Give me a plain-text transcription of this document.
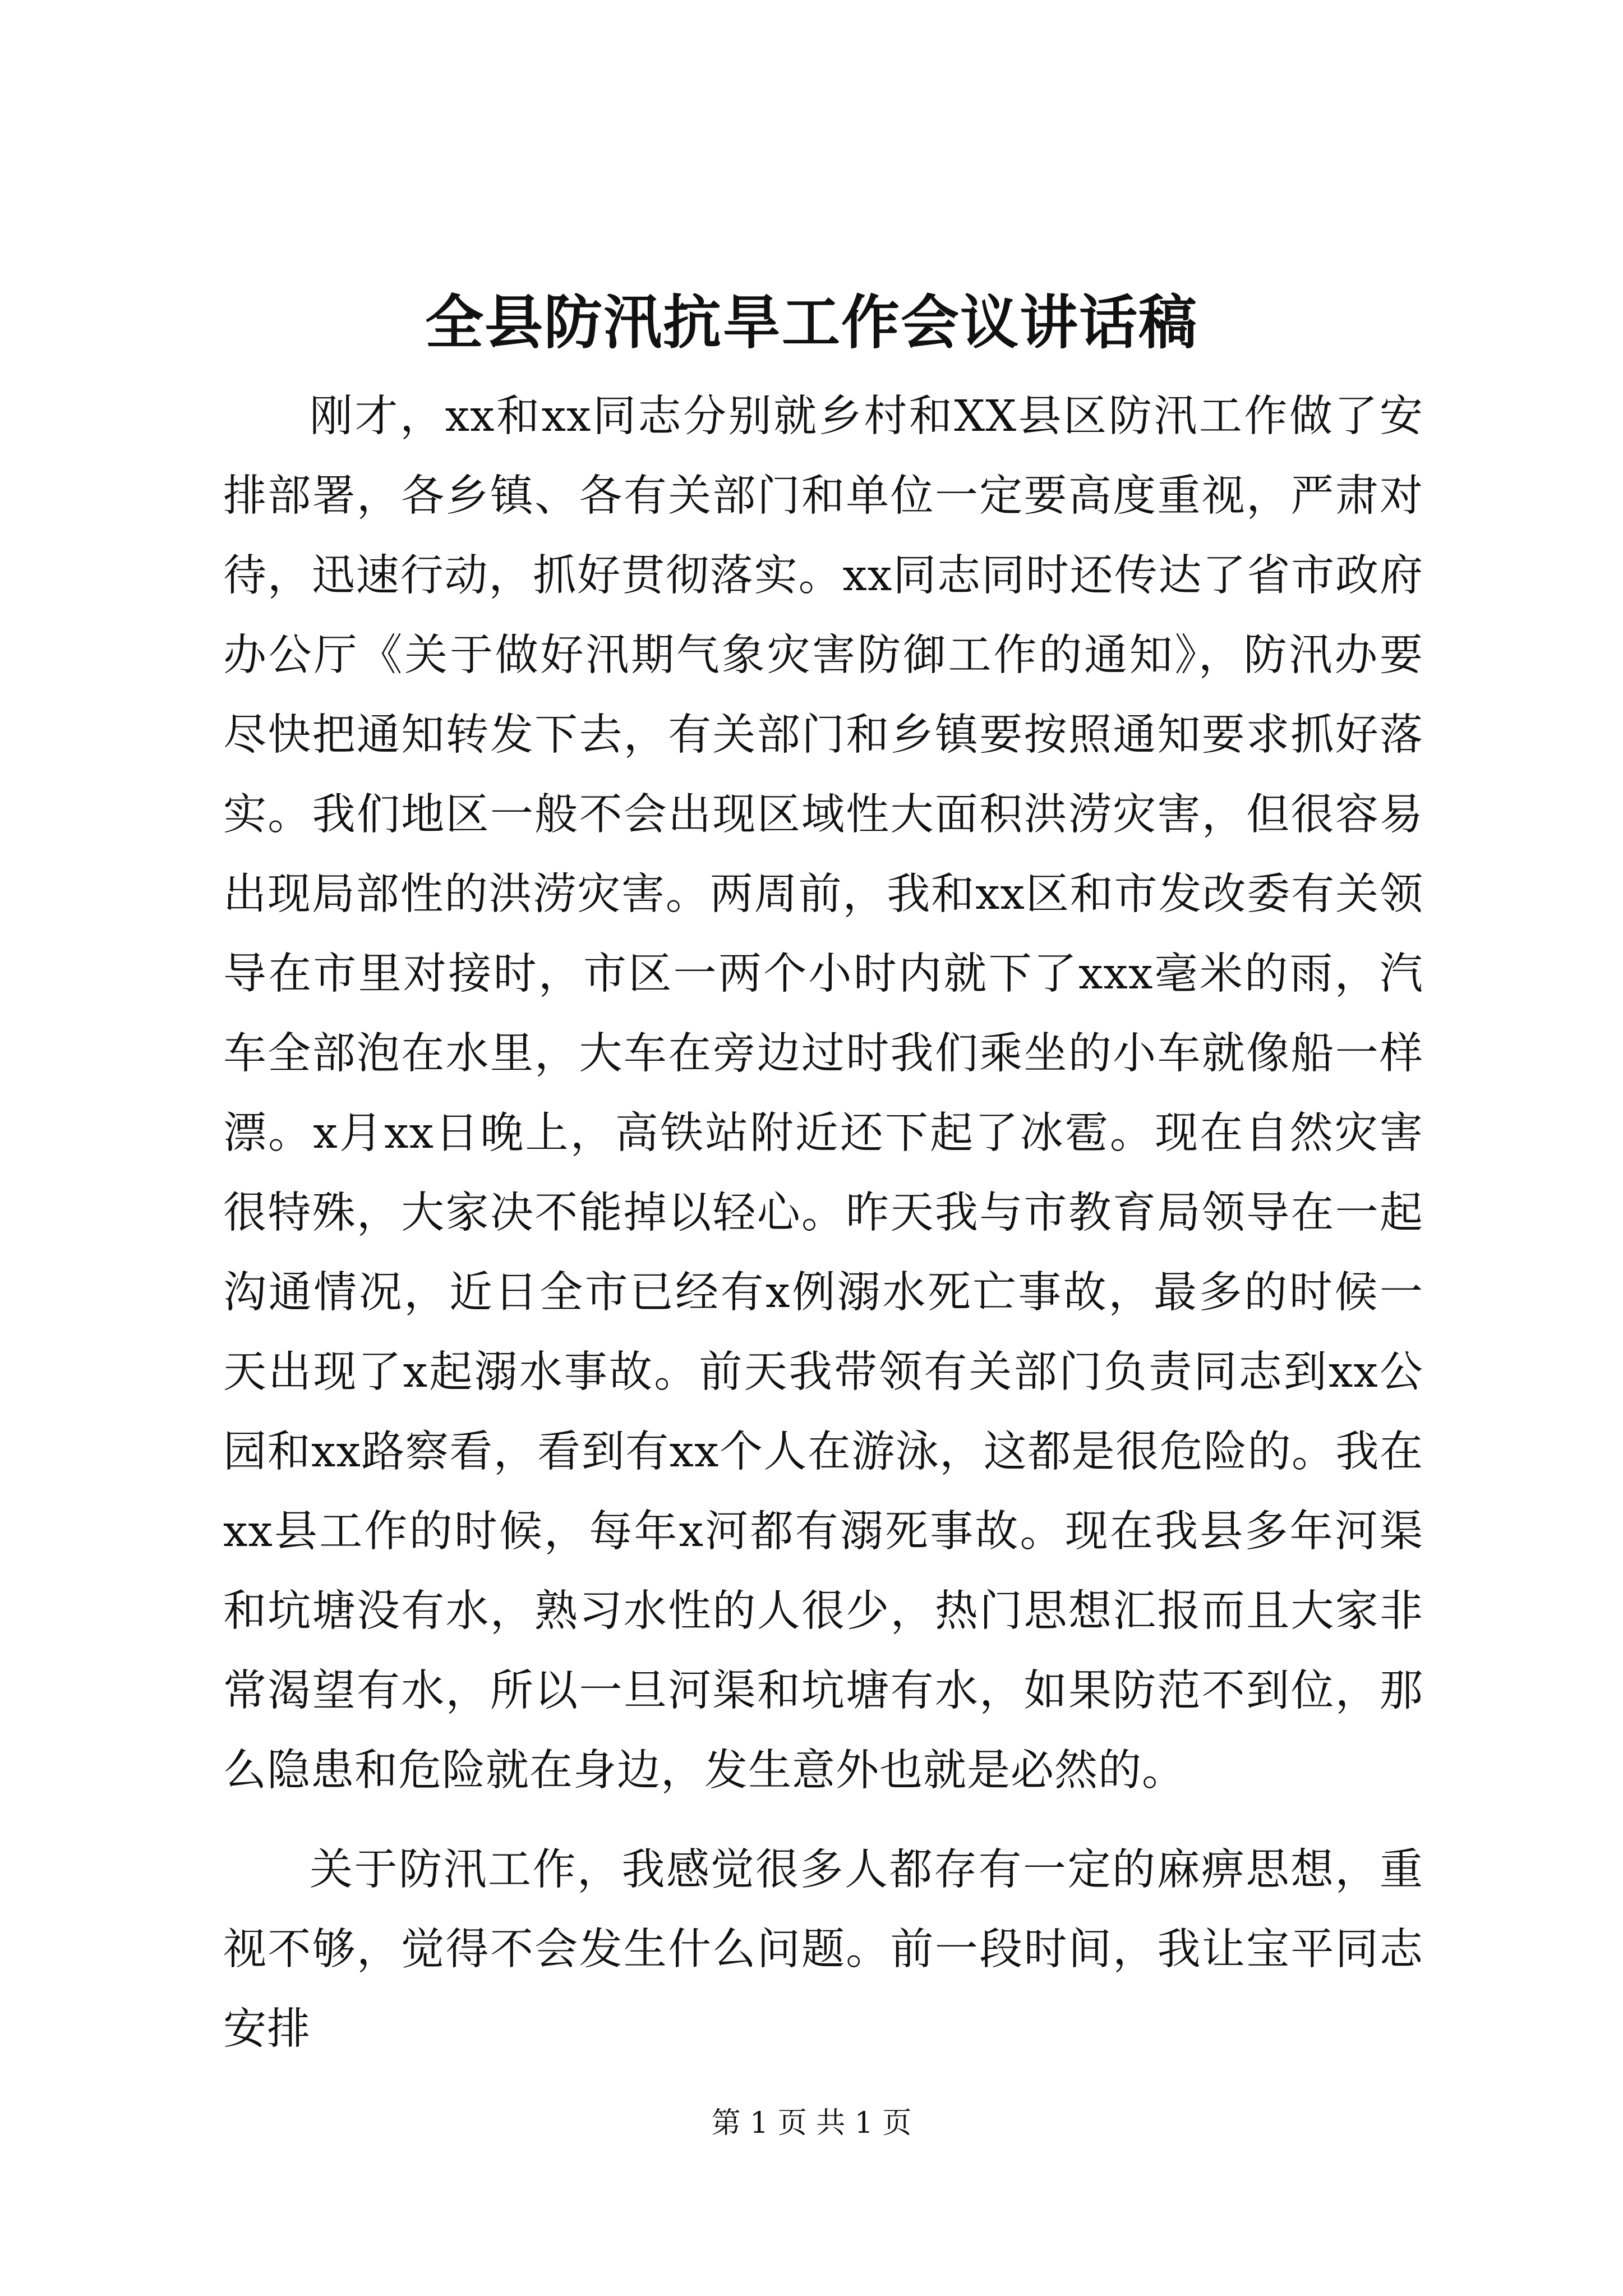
全县防汛抗旱工作会议讲话稿

刚才，xx和xx同志分别就乡村和XX县区防汛工作做了安排部署，各乡镇、各有关部门和单位一定要高度重视，严肃对待，迅速行动，抓好贯彻落实。xx同志同时还传达了省市政府办公厅《关于做好汛期气象灾害防御工作的通知》，防汛办要尽快把通知转发下去，有关部门和乡镇要按照通知要求抓好落实。我们地区一般不会出现区域性大面积洪涝灾害，但很容易出现局部性的洪涝灾害。两周前，我和xx区和市发改委有关领导在市里对接时，市区一两个小时内就下了xxx毫米的雨，汽车全部泡在水里，大车在旁边过时我们乘坐的小车就像船一样漂。x月xx日晚上，高铁站附近还下起了冰雹。现在自然灾害很特殊，大家决不能掉以轻心。昨天我与市教育局领导在一起沟通情况，近日全市已经有x例溺水死亡事故，最多的时候一天出现了x起溺水事故。前天我带领有关部门负责同志到xx公园和xx路察看，看到有xx个人在游泳，这都是很危险的。我在xx县工作的时候，每年x河都有溺死事故。现在我县多年河渠和坑塘没有水，熟习水性的人很少，热门思想汇报而且大家非常渴望有水，所以一旦河渠和坑塘有水，如果防范不到位，那么隐患和危险就在身边，发生意外也就是必然的。

关于防汛工作，我感觉很多人都存有一定的麻痹思想，重视不够，觉得不会发生什么问题。前一段时间，我让宝平同志安排

第 1 页 共 1 页
